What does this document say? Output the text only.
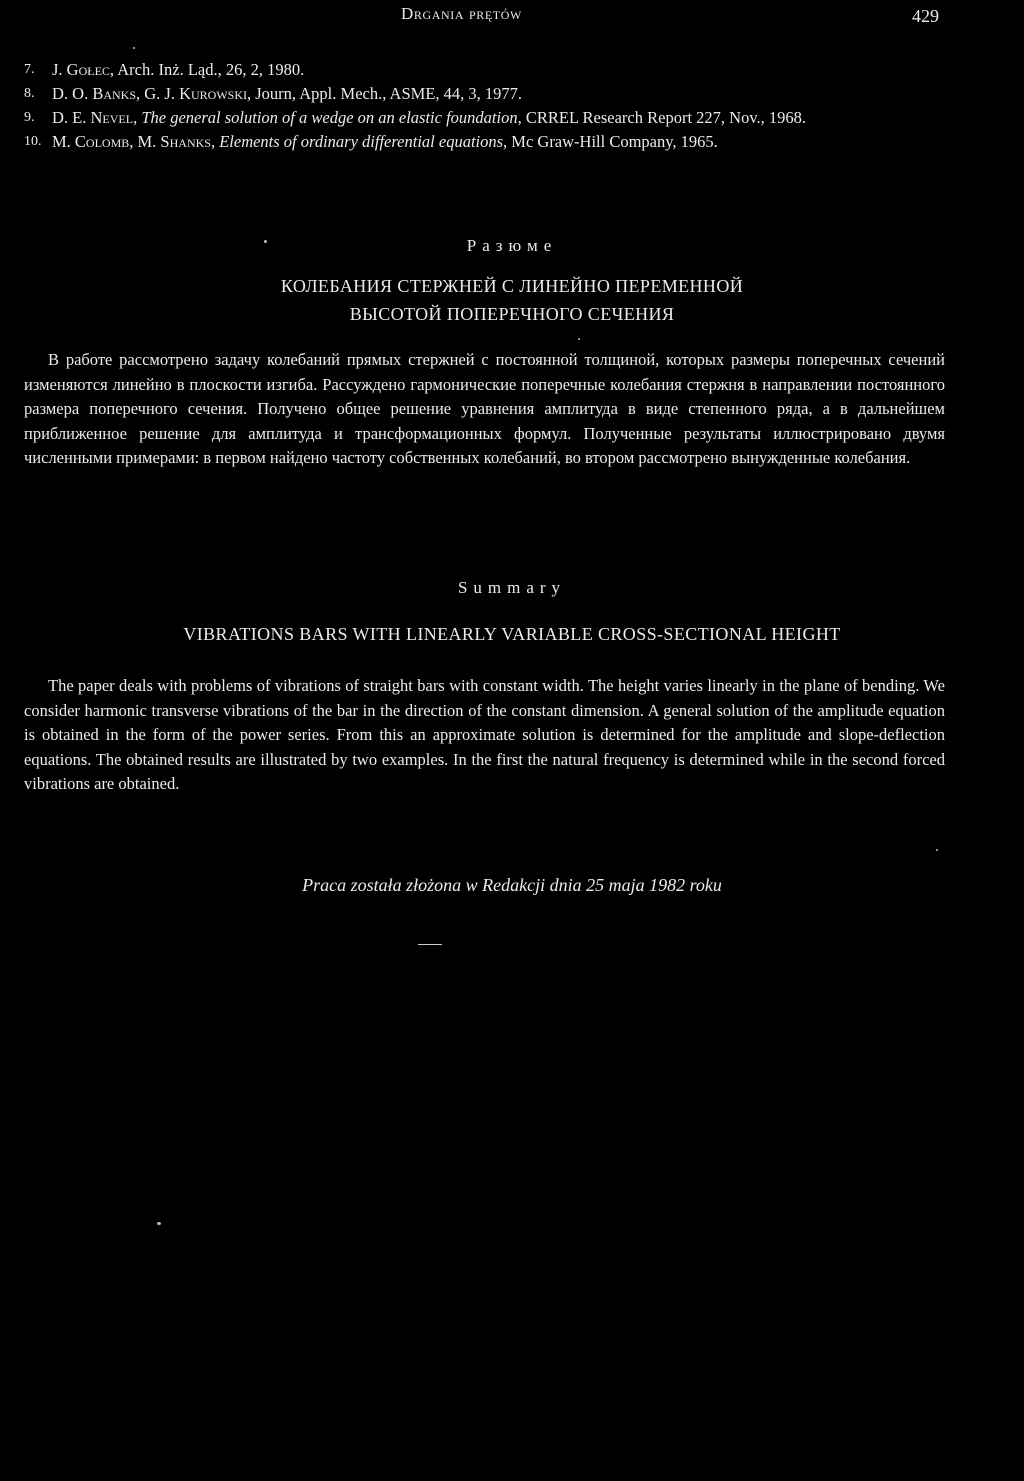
Drgania prętów	429
7. J. Gołec, Arch. Inż. Ląd., 26, 2, 1980.
8. D. O. Banks, G. J. Kurowski, Journ, Appl. Mech., ASME, 44, 3, 1977.
9. D. E. Nevel, The general solution of a wedge on an elastic foundation, CRREL Research Report 227, Nov., 1968.
10. M. Colomb, M. Shanks, Elements of ordinary differential equations, Mc Graw-Hill Company, 1965.
Разюме
КОЛЕБАНИЯ СТЕРЖНЕЙ С ЛИНЕЙНО ПЕРЕМЕННОЙ ВЫСОТОЙ ПОПЕРЕЧНОГО СЕЧЕНИЯ

В работе рассмотрено задачу колебаний прямых стержней с постоянной толщиной, которых размеры поперечных сечений изменяются линейно в плоскости изгиба. Рассуждено гармонические поперечные колебания стержня в направлении постоянного размера поперечного сечения. Получено общее решение уравнения амплитуда в виде степенного ряда, а в дальнейшем приближенное решение для амплитуда и трансформационных формул. Полученные результаты иллюстрировано двумя численными примерами: в первом найдено частоту собственных колебаний, во втором рассмотрено вынужденные колебания.

Summary
VIBRATIONS BARS WITH LINEARLY VARIABLE CROSS-SECTIONAL HEIGHT

The paper deals with problems of vibrations of straight bars with constant width. The height varies linearly in the plane of bending. We consider harmonic transverse vibrations of the bar in the direction of the constant dimension. A general solution of the amplitude equation is obtained in the form of the power series. From this an approximate solution is determined for the amplitude and slope-deflection equations. The obtained results are illustrated by two examples. In the first the natural frequency is determined while in the second forced vibrations are obtained.

Praca została złożona w Redakcji dnia 25 maja 1982 roku
